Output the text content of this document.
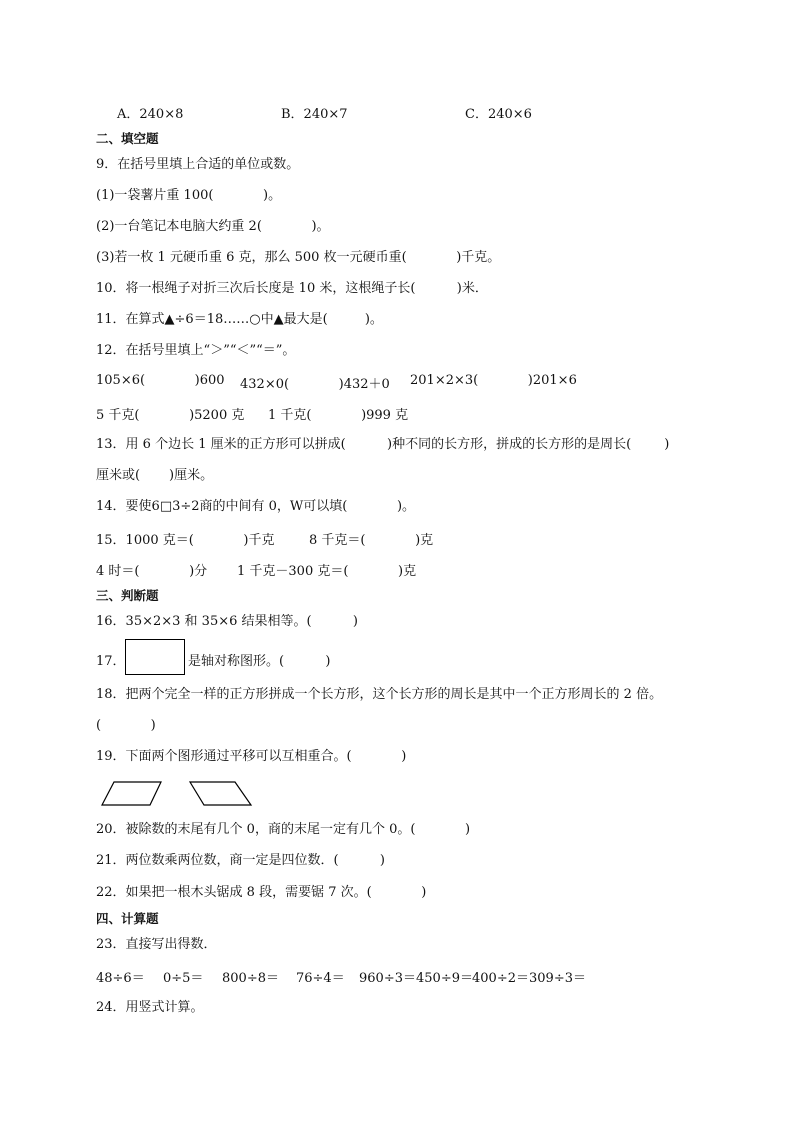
A．240×8	B．240×7	C．240×6

二、填空题

9．在括号里填上合适的单位或数。

(1)一袋薯片重 100(            )。

(2)一台笔记本电脑大约重 2(            )。

(3)若一枚 1 元硬币重 6 克，那么 500 枚一元硬币重(            )千克。

10．将一根绳子对折三次后长度是 10 米，这根绳子长(          )米．

11．在算式▲÷6＝18……○中▲最大是(         )。

12．在括号里填上“＞”“＜”“＝”。

105×6(            )600 432×0(            )432＋0 201×2×3(            )201×6
5 千克(            )5200 克 1 千克(            )999 克

13．用 6 个边长 1 厘米的正方形可以拼成(          )种不同的长方形，拼成的长方形的是周长(        )

厘米或(       )厘米。

14．要使6□3÷2商的中间有 0，W可以填(            )。

15．1000 克＝(            )千克	8 千克＝(            )克
4 时＝(            )分 1 千克－300 克＝(            )克

三、判断题

16．35×2×3 和 35×6 结果相等。(          )

17．	是轴对称图形。(          )

18．把两个完全一样的正方形拼成一个长方形，这个长方形的周长是其中一个正方形周长的 2 倍。

(            )

19．下面两个图形通过平移可以互相重合。(            )

20．被除数的末尾有几个 0，商的末尾一定有几个 0。(            )

21．两位数乘两位数，商一定是四位数．(          )

22．如果把一根木头锯成 8 段，需要锯 7 次。(            )

四、计算题

23．直接写出得数．

48÷6＝ 0÷5＝ 800÷8＝ 76÷4＝ 960÷3＝ 450÷9＝ 400÷2＝ 309÷3＝

24．用竖式计算。
